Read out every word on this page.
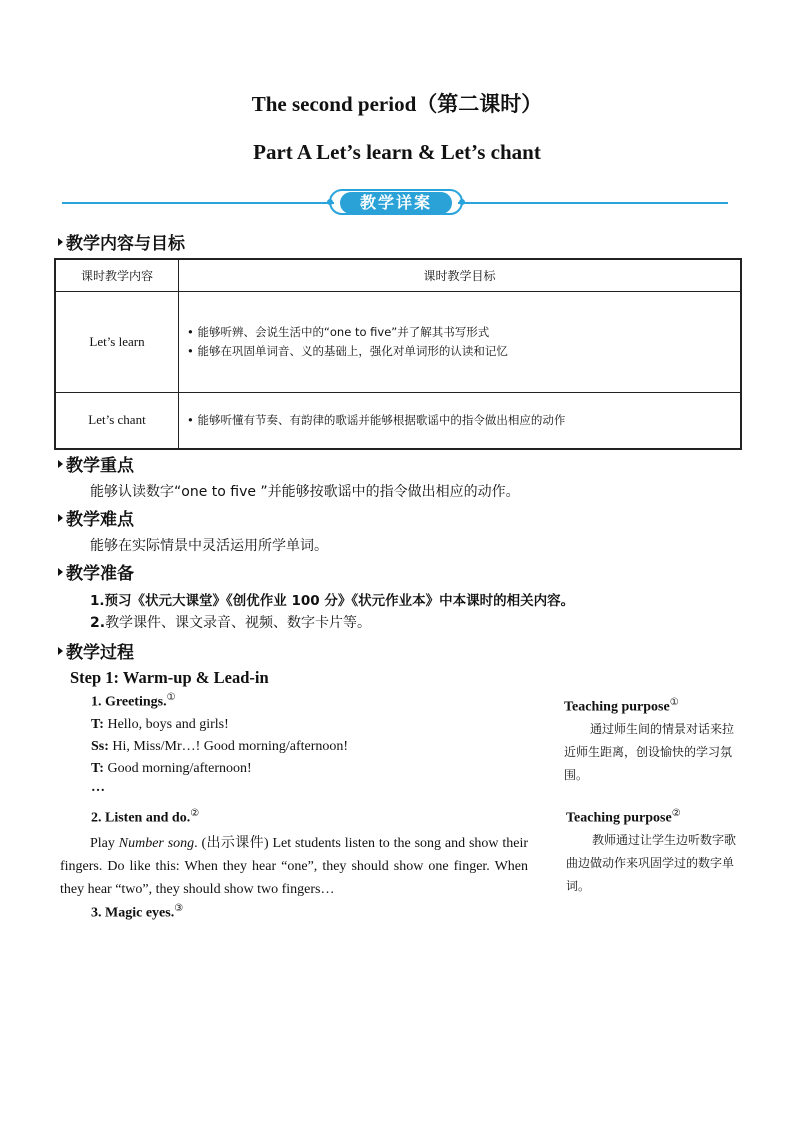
The second period（第二课时）
Part A Let’s learn & Let’s chant
教学详案
教学内容与目标
课时教学内容	课时教学目标
Let’s learn	• 能够听辨、会说生活中的“one to five”并了解其书写形式
• 能够在巩固单词音、义的基础上，强化对单词形的认读和记忆

Let’s chant	• 能够听懂有节奏、有韵律的歌谣并能够根据歌谣中的指令做出相应的动作
教学重点
能够认读数字“one to five ”并能够按歌谣中的指令做出相应的动作。
教学难点
能够在实际情景中灵活运用所学单词。
教学准备
1.预习《状元大课堂》《创优作业 100 分》《状元作业本》中本课时的相关内容。
2.教学课件、课文录音、视频、数字卡片等。
教学过程
Step 1: Warm-up & Lead-in
1. Greetings.①
T: Hello, boys and girls!
Ss: Hi, Miss/Mr…! Good morning/afternoon!
T: Good morning/afternoon!
…
2. Listen and do.②
Play Number song. (出示课件) Let students listen to the song and show their fingers. Do like this: When they hear “one”, they should show one finger. When they hear “two”, they should show two fingers…
3. Magic eyes.③
Teaching purpose①
通过师生间的情景对话来拉近师生距离，创设愉快的学习氛围。
Teaching purpose②
教师通过让学生边听数字歌曲边做动作来巩固学过的数字单词。
